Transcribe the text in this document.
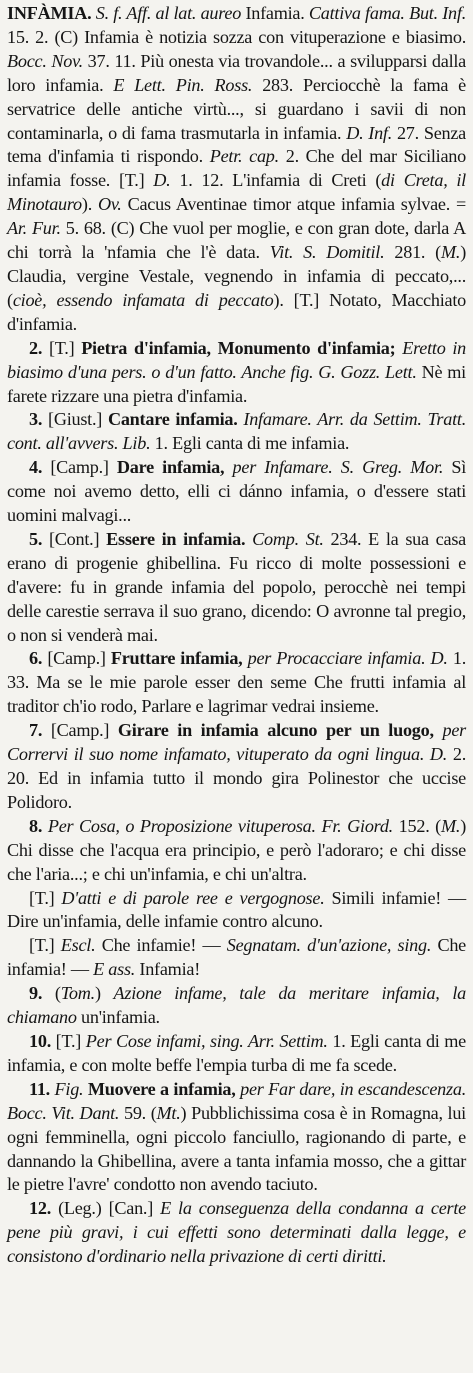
INFÀMIA. S. f. Aff. al lat. aureo Infamia. Cattiva fama. But. Inf. 15. 2. (C) Infamia è notizia sozza con vituperazione e biasimo. Bocc. Nov. 37. 11. Più onesta via trovandole... a svilupparsi dalla loro infamia. E Lett. Pin. Ross. 283. Perciocchè la fama è servatrice delle antiche virtù..., si guardano i savii di non contaminarla, o di fama trasmutarla in infamia. D. Inf. 27. Senza tema d'infamia ti rispondo. Petr. cap. 2. Che del mar Siciliano infamia fosse. [T.] D. 1. 12. L'infamia di Creti (di Creta, il Minotauro). Ov. Cacus Aventinae timor atque infamia sylvae. = Ar. Fur. 5. 68. (C) Che vuol per moglie, e con gran dote, darla A chi torrà la 'nfamia che l'è data. Vit. S. Domitil. 281. (M.) Claudia, vergine Vestale, vegnendo in infamia di peccato,... (cioè, essendo infamata di peccato). [T.] Notato, Macchiato d'infamia.

2. [T.] Pietra d'infamia, Monumento d'infamia; Eretto in biasimo d'una pers. o d'un fatto. Anche fig. G. Gozz. Lett. Nè mi farete rizzare una pietra d'infamia.

3. [Giust.] Cantare infamia. Infamare. Arr. da Settim. Tratt. cont. all'avvers. Lib. 1. Egli canta di me infamia.

4. [Camp.] Dare infamia, per Infamare. S. Greg. Mor. Sì come noi avemo detto, elli ci dánno infamia, o d'essere stati uomini malvagi...

5. [Cont.] Essere in infamia. Comp. St. 234. E la sua casa erano di progenie ghibellina. Fu ricco di molte possessioni e d'avere: fu in grande infamia del popolo, perocchè nei tempi delle carestie serrava il suo grano, dicendo: O avronne tal pregio, o non si venderà mai.

6. [Camp.] Fruttare infamia, per Procacciare infamia. D. 1. 33. Ma se le mie parole esser den seme Che frutti infamia al traditor ch'io rodo, Parlare e lagrimar vedrai insieme.

7. [Camp.] Girare in infamia alcuno per un luogo, per Corrervi il suo nome infamato, vituperato da ogni lingua. D. 2. 20. Ed in infamia tutto il mondo gira Polinestor che uccise Polidoro.

8. Per Cosa, o Proposizione vituperosa. Fr. Giord. 152. (M.) Chi disse che l'acqua era principio, e però l'adoraro; e chi disse che l'aria...; e chi un'infamia, e chi un'altra.

[T.] D'atti e di parole ree e vergognose. Simili infamie! — Dire un'infamia, delle infamie contro alcuno.

[T.] Escl. Che infamie! — Segnatam. d'un'azione, sing. Che infamia! — E ass. Infamia!

9. (Tom.) Azione infame, tale da meritare infamia, la chiamano un'infamia.

10. [T.] Per Cose infami, sing. Arr. Settim. 1. Egli canta di me infamia, e con molte beffe l'empia turba di me fa scede.

11. Fig. Muovere a infamia, per Far dare, in escandescenza. Bocc. Vit. Dant. 59. (Mt.) Pubblichissima cosa è in Romagna, lui ogni femminella, ogni piccolo fanciullo, ragionando di parte, e dannando la Ghibellina, avere a tanta infamia mosso, che a gittar le pietre l'avre' condotto non avendo taciuto.

12. (Leg.) [Can.] E la conseguenza della condanna a certe pene più gravi, i cui effetti sono determinati dalla legge, e consistono d'ordinario nella privazione di certi diritti.
